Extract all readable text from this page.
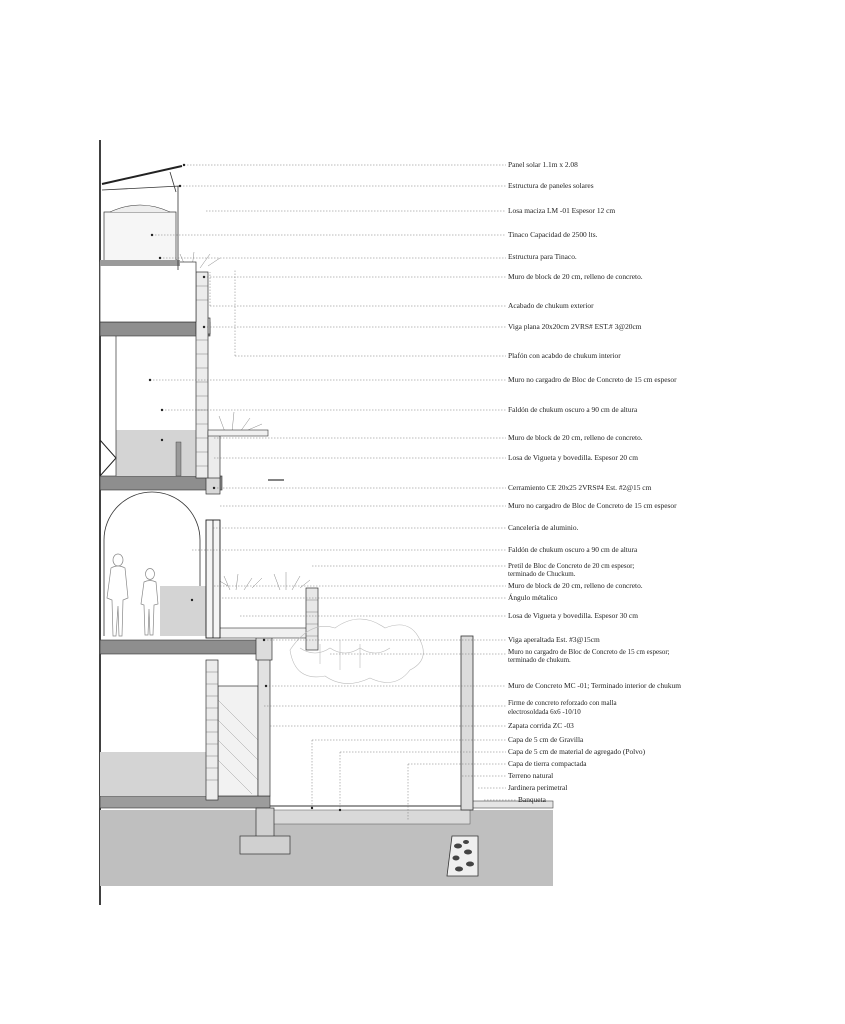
Panel solar 1.1m x 2.08
Estructura de paneles solares
Losa maciza LM -01 Espesor 12 cm
Tinaco Capacidad de 2500 lts.
Estructura para Tinaco.
Muro de block de 20 cm, relleno de concreto.
Acabado de chukum exterior
Viga plana 20x20cm 2VRS# EST.# 3@20cm
Plafón con acabdo de chukum interior
Muro no cargadro de Bloc de Concreto de 15 cm espesor
Faldón de chukum oscuro a 90 cm de altura
Muro de block de 20 cm, relleno de concreto.
Losa de Vigueta y bovedilla. Espesor 20 cm
Cerramiento CE 20x25 2VRS#4 Est. #2@15 cm
Muro no cargadro de Bloc de Concreto de 15 cm espesor
Cancelería de aluminio.
Faldón de chukum oscuro a 90 cm de altura
Pretil de Bloc de Concreto de 20 cm espesor;
terminado de Chuckum.
Muro de block de 20 cm, relleno de concreto.
Ángulo métalico
Losa de Vigueta y bovedilla. Espesor 30 cm
Viga aperaltada Est. #3@15cm
Muro no cargadro de Bloc de Concreto de 15 cm espesor;
terminado de chukum.
Muro de Concreto MC -01; Terminado interior de chukum
Firme de concreto reforzado con malla
electrosoldada 6x6 -10/10
Zapata corrida ZC -03
Capa de 5 cm de Gravilla
Capa de 5 cm de material de agregado (Polvo)
Capa de tierra compactada
Terreno natural
Jardinera perimetral
Banqueta
